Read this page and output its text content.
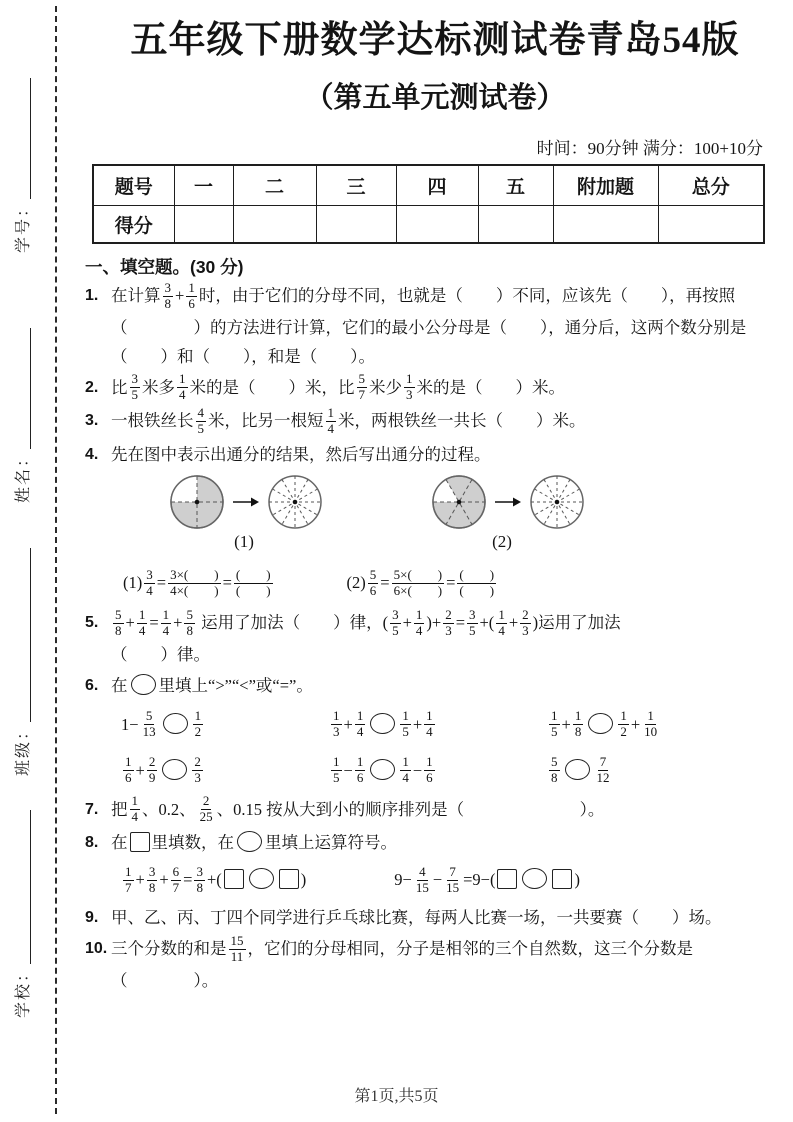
学号：
姓名：
班级：
学校：
五年级下册数学达标测试卷青岛54版
（第五单元测试卷）
时间：90分钟 满分：100+10分
题号	一	二	三	四	五	附加题	总分
得分							
一、填空题。(30 分)
1. 在计算 $\frac{3}{8} + \frac{1}{6}$ 时，由于它们的分母不同，也就是（　　）不同，应该先（　　），再按照
（　　　　）的方法进行计算，它们的最小公分母是（　　），通分后，这两个数分别是
（　　）和（　　），和是（　　）。
2. 比 $\frac{3}{5}$ 米多 $\frac{1}{4}$ 米的是（　　）米，比 $\frac{5}{7}$ 米少 $\frac{1}{3}$ 米的是（　　）米。
3. 一根铁丝长 $\frac{4}{5}$ 米，比另一根短 $\frac{1}{4}$ 米，两根铁丝一共长（　　）米。
4. 先在图中表示出通分的结果，然后写出通分的过程。
(1)	(2)
$(1) \frac{3}{4} = \frac{3\times( )}{4\times( )} = \frac{( )}{( )}$	$(2) \frac{5}{6} = \frac{5\times( )}{6\times( )} = \frac{( )}{( )}$
5.	$\frac{5}{8} + \frac{1}{4} = \frac{1}{4} + \frac{5}{8}$ 运用了加法（　　）律，( $\frac{3}{5} + \frac{1}{4}$ )+ $\frac{2}{3} = \frac{3}{5}$ +( $\frac{1}{4} + \frac{2}{3}$ )运用了加法
（　　）律。
6. 在 里填上“>”“<”或“=”。
$1- \frac{5}{13}$	$\frac{1}{2}$	$\frac{1}{3} + \frac{1}{4}$	$\frac{1}{5} + \frac{1}{4}$	$\frac{1}{5} + \frac{1}{8}$	$\frac{1}{2} + \frac{1}{10}$
$\frac{1}{6} + \frac{2}{9}$	$\frac{2}{3}$	$\frac{1}{5} - \frac{1}{6}$	$\frac{1}{4} - \frac{1}{6}$	$\frac{5}{8}$	$\frac{7}{12}$
7. 把 $\frac{1}{4}$ 、0.2、 $\frac{2}{25}$ 、0.15 按从大到小的顺序排列是（　　　　　　　）。
8. 在 里填数，在 里填上运算符号。
$\frac{1}{7} + \frac{3}{8} + \frac{6}{7} = \frac{3}{8}$ +(	)	$9- \frac{4}{15} - \frac{7}{15} =9-$(	)
9. 甲、乙、丙、丁四个同学进行乒乓球比赛，每两人比赛一场，一共要赛（　　）场。
10. 三个分数的和是 $\frac{15}{11}$ ，它们的分母相同，分子是相邻的三个自然数，这三个分数是
（　　　　）。
第1页,共5页
